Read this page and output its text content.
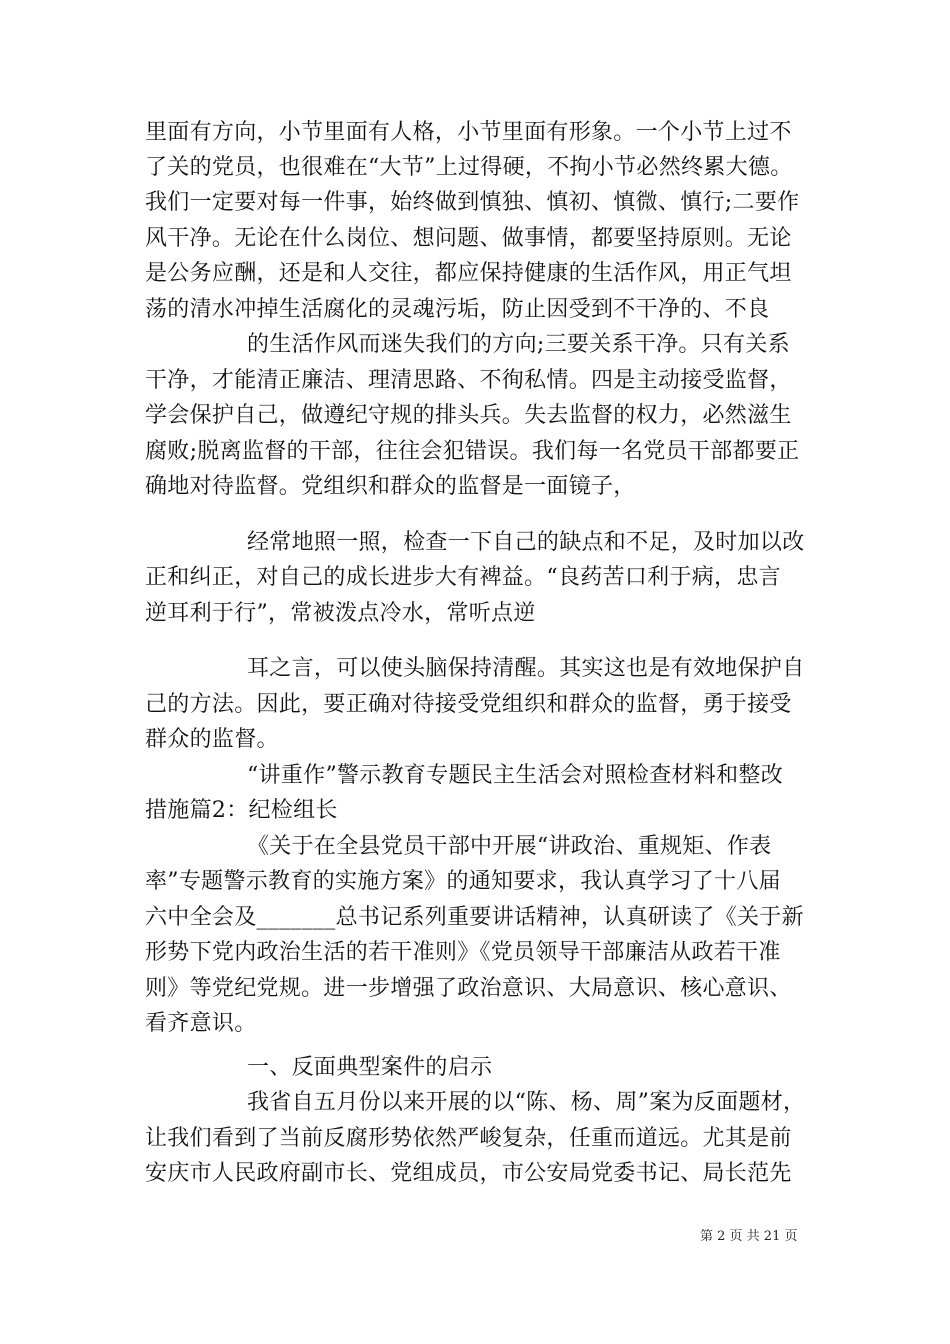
里面有方向，小节里面有人格，小节里面有形象。一个小节上过不
了关的党员，也很难在“大节”上过得硬，不拘小节必然终累大德。
我们一定要对每一件事，始终做到慎独、慎初、慎微、慎行;二要作
风干净。无论在什么岗位、想问题、做事情，都要坚持原则。无论
是公务应酬，还是和人交往，都应保持健康的生活作风，用正气坦
荡的清水冲掉生活腐化的灵魂污垢，防止因受到不干净的、不良
的生活作风而迷失我们的方向;三要关系干净。只有关系
干净，才能清正廉洁、理清思路、不徇私情。四是主动接受监督，
学会保护自己，做遵纪守规的排头兵。失去监督的权力，必然滋生
腐败;脱离监督的干部，往往会犯错误。我们每一名党员干部都要正
确地对待监督。党组织和群众的监督是一面镜子，
经常地照一照，检查一下自己的缺点和不足，及时加以改
正和纠正，对自己的成长进步大有裨益。“良药苦口利于病，忠言
逆耳利于行”，常被泼点冷水，常听点逆
耳之言，可以使头脑保持清醒。其实这也是有效地保护自
己的方法。因此，要正确对待接受党组织和群众的监督，勇于接受
群众的监督。
“讲重作”警示教育专题民主生活会对照检查材料和整改
措施篇2：纪检组长
《关于在全县党员干部中开展“讲政治、重规矩、作表
率”专题警示教育的实施方案》的通知要求，我认真学习了十八届
六中全会及_______总书记系列重要讲话精神，认真研读了《关于新
形势下党内政治生活的若干准则》《党员领导干部廉洁从政若干准
则》等党纪党规。进一步增强了政治意识、大局意识、核心意识、
看齐意识。
一、反面典型案件的启示
我省自五月份以来开展的以“陈、杨、周”案为反面题材，
让我们看到了当前反腐形势依然严峻复杂，任重而道远。尤其是前
安庆市人民政府副市长、党组成员，市公安局党委书记、局长范先
第 2 页 共 21 页
